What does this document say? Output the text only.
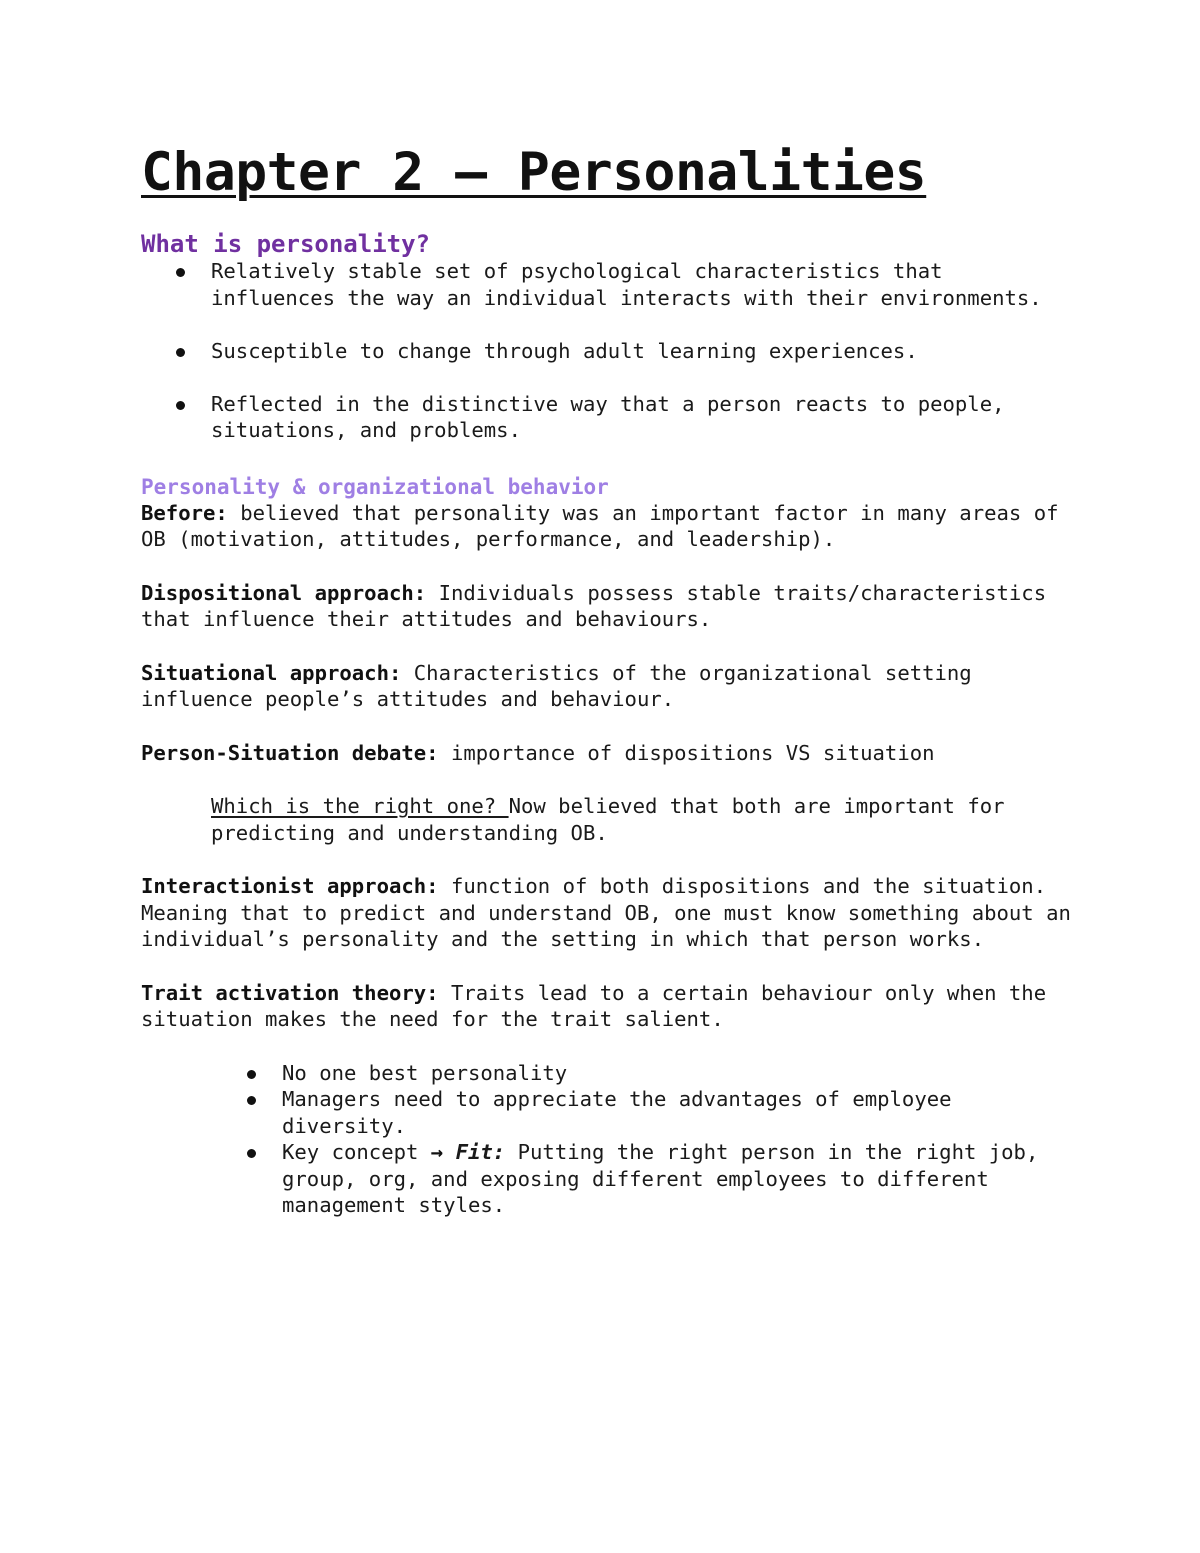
Chapter 2 – Personalities
What is personality?
Relatively stable set of psychological characteristics that influences the way an individual interacts with their environments.
Susceptible to change through adult learning experiences.
Reflected in the distinctive way that a person reacts to people, situations, and problems.
Personality & organizational behavior

Before: believed that personality was an important factor in many areas of OB (motivation, attitudes, performance, and leadership).

Dispositional approach: Individuals possess stable traits/characteristics that influence their attitudes and behaviours.

Situational approach: Characteristics of the organizational setting influence people’s attitudes and behaviour.

Person-Situation debate: importance of dispositions VS situation

Which is the right one? Now believed that both are important for predicting and understanding OB.

Interactionist approach: function of both dispositions and the situation. Meaning that to predict and understand OB, one must know something about an individual’s personality and the setting in which that person works.

Trait activation theory: Traits lead to a certain behaviour only when the situation makes the need for the trait salient.

No one best personality
Managers need to appreciate the advantages of employee diversity.
Key concept → Fit: Putting the right person in the right job, group, org, and exposing different employees to different management styles.
